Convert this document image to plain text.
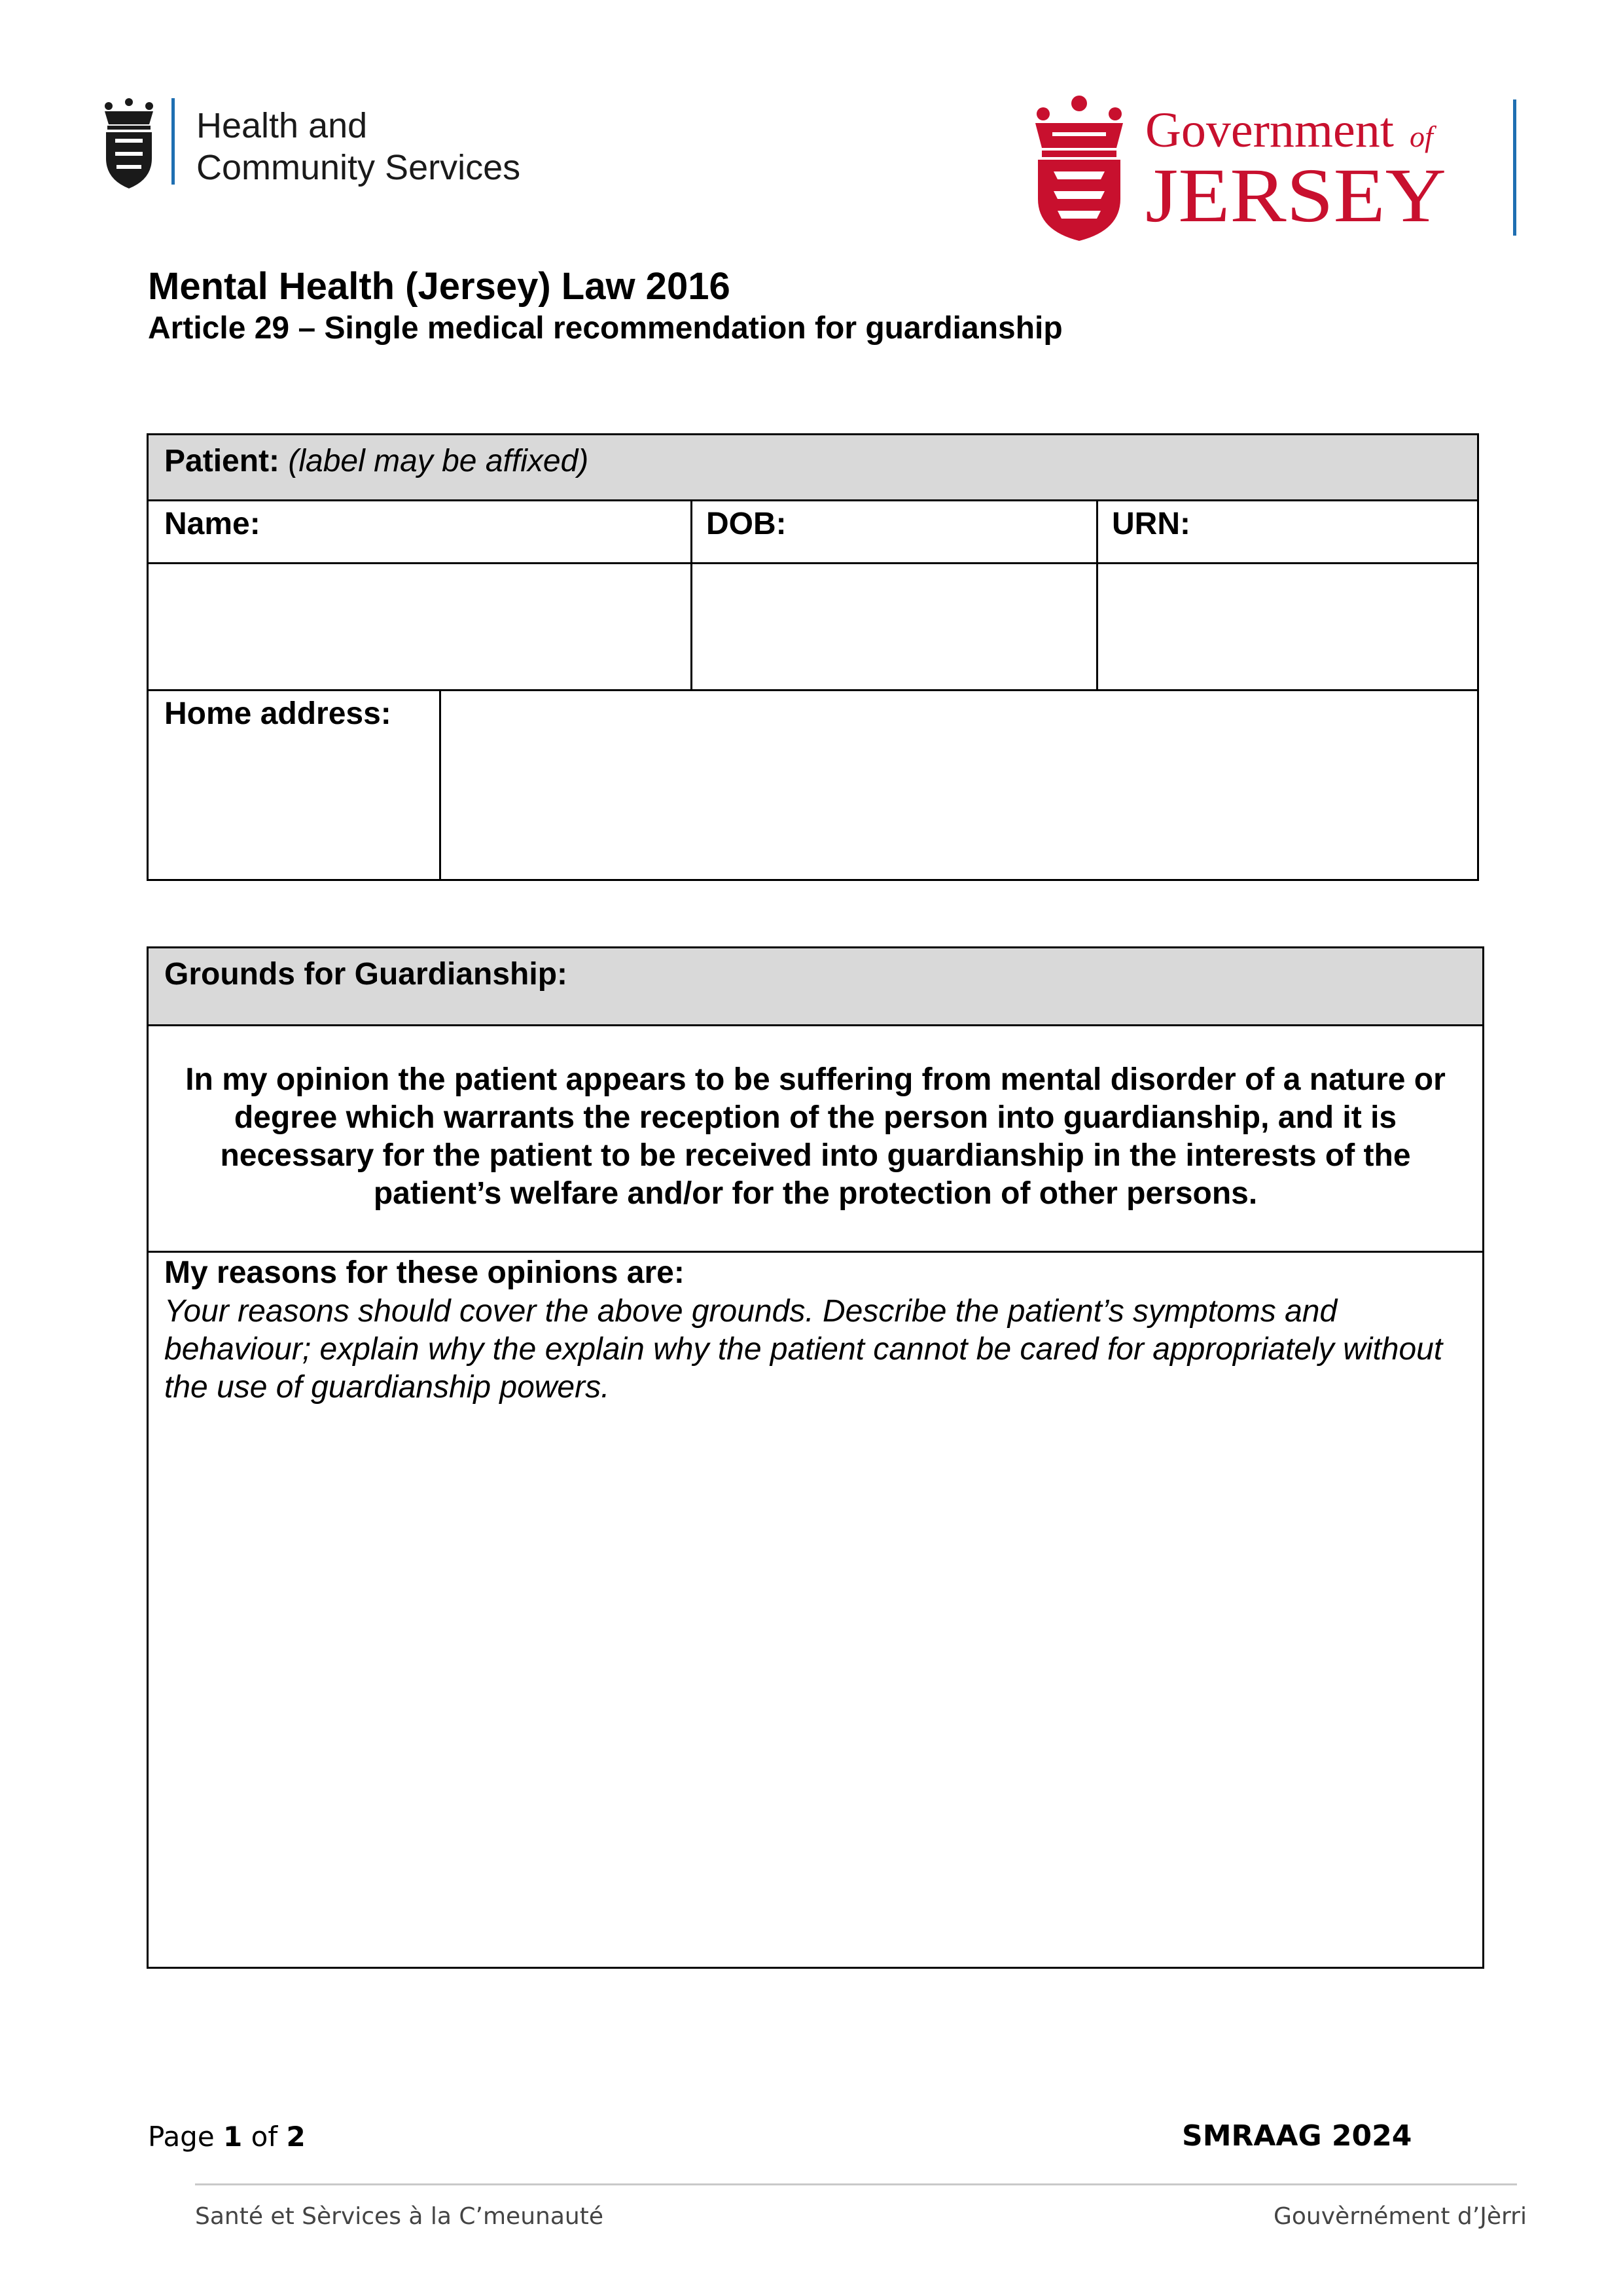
Health and
Community Services
Government of
JERSEY
Mental Health (Jersey) Law 2016
Article 29 – Single medical recommendation for guardianship
Patient: (label may be affixed)
Name:	DOB:	URN:
Home address:
Grounds for Guardianship:
In my opinion the patient appears to be suffering from mental disorder of a nature or degree which warrants the reception of the person into guardianship, and it is necessary for the patient to be received into guardianship in the interests of the patient’s welfare and/or for the protection of other persons.
My reasons for these opinions are:
Your reasons should cover the above grounds. Describe the patient’s symptoms and behaviour; explain why the explain why the patient cannot be cared for appropriately without the use of guardianship powers.
Page 1 of 2	SMRAAG 2024
Santé et Sèrvices à la C’meunauté	Gouvèrnément d’Jèrri
